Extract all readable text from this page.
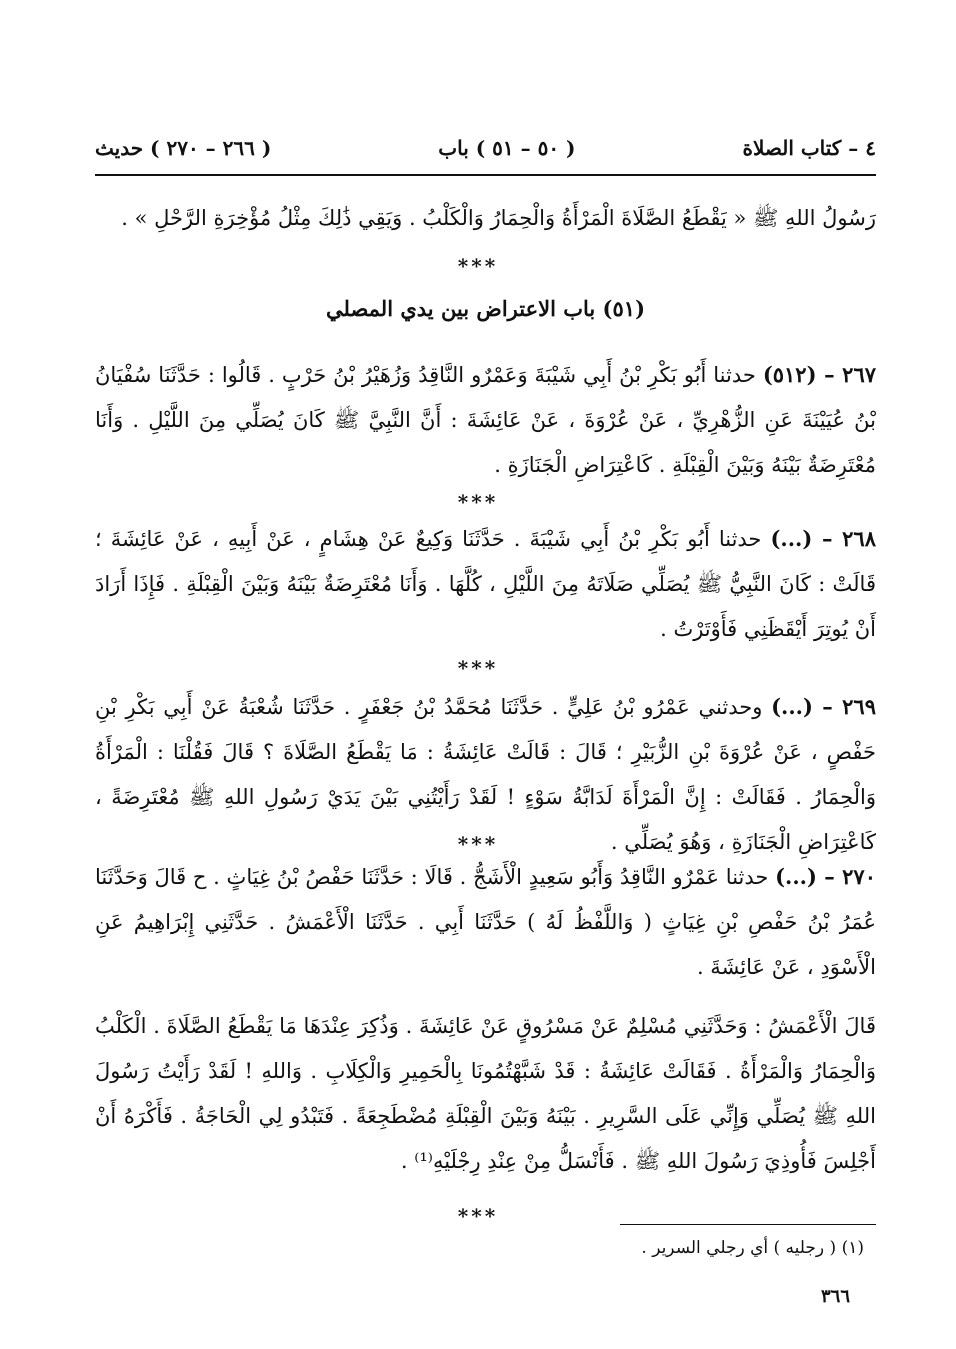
٤ – كتاب الصلاة
( ٥٠ – ٥١ ) باب
( ٢٦٦ – ٢٧٠ ) حديث
رَسُولُ اللهِ ﷺ « يَقْطَعُ الصَّلَاةَ الْمَرْأَةُ وَالْحِمَارُ وَالْكَلْبُ . وَيَقِي ذَٰلِكَ مِثْلُ مُؤْخِرَةِ الرَّحْلِ » .
***
(٥١) باب الاعتراض بين يدي المصلي
٢٦٧ – (٥١٢) حدثنا أَبُو بَكْرِ بْنُ أَبِي شَيْبَةَ وَعَمْرٌو النَّاقِدُ وَزُهَيْرُ بْنُ حَرْبٍ . قَالُوا : حَدَّثَنَا سُفْيَانُ بْنُ عُيَيْنَةَ عَنِ الزُّهْرِيِّ ، عَنْ عُرْوَةَ ، عَنْ عَائِشَةَ : أَنَّ النَّبِيَّ ﷺ كَانَ يُصَلِّي مِنَ اللَّيْلِ . وَأَنَا مُعْتَرِضَةٌ بَيْنَهُ وَبَيْنَ الْقِبْلَةِ . كَاعْتِرَاضِ الْجَنَازَةِ .
***
٢٦٨ – (...) حدثنا أَبُو بَكْرِ بْنُ أَبِي شَيْبَةَ . حَدَّثَنَا وَكِيعٌ عَنْ هِشَامٍ ، عَنْ أَبِيهِ ، عَنْ عَائِشَةَ ؛ قَالَتْ : كَانَ النَّبِيُّ ﷺ يُصَلِّي صَلَاتَهُ مِنَ اللَّيْلِ ، كُلَّهَا . وَأَنَا مُعْتَرِضَةٌ بَيْنَهُ وَبَيْنَ الْقِبْلَةِ . فَإِذَا أَرَادَ أَنْ يُوتِرَ أَيْقَظَنِي فَأَوْتَرْتُ .
***
٢٦٩ – (...) وحدثني عَمْرُو بْنُ عَلِيٍّ . حَدَّثَنَا مُحَمَّدُ بْنُ جَعْفَرٍ . حَدَّثَنَا شُعْبَةُ عَنْ أَبِي بَكْرِ بْنِ حَفْصٍ ، عَنْ عُرْوَةَ بْنِ الزُّبَيْرِ ؛ قَالَ : قَالَتْ عَائِشَةُ : مَا يَقْطَعُ الصَّلَاةَ ؟ قَالَ فَقُلْنَا : الْمَرْأَةُ وَالْحِمَارُ . فَقَالَتْ : إِنَّ الْمَرْأَةَ لَدَابَّةُ سَوْءٍ ! لَقَدْ رَأَيْتُنِي بَيْنَ يَدَيْ رَسُولِ اللهِ ﷺ مُعْتَرِضَةً ، كَاعْتِرَاضِ الْجَنَازَةِ ، وَهُوَ يُصَلِّي .
***
٢٧٠ – (...) حدثنا عَمْرٌو النَّاقِدُ وَأَبُو سَعِيدٍ الْأَشَجُّ . قَالَا : حَدَّثَنَا حَفْصُ بْنُ غِيَاثٍ . ح قَالَ وَحَدَّثَنَا عُمَرُ بْنُ حَفْصِ بْنِ غِيَاثٍ ( وَاللَّفْظُ لَهُ ) حَدَّثَنَا أَبِي . حَدَّثَنَا الْأَعْمَشُ . حَدَّثَنِي إِبْرَاهِيمُ عَنِ الْأَسْوَدِ ، عَنْ عَائِشَةَ .
قَالَ الْأَعْمَشُ : وَحَدَّثَنِي مُسْلِمٌ عَنْ مَسْرُوقٍ عَنْ عَائِشَةَ . وَذُكِرَ عِنْدَهَا مَا يَقْطَعُ الصَّلَاةَ . الْكَلْبُ وَالْحِمَارُ وَالْمَرْأَةُ . فَقَالَتْ عَائِشَةُ : قَدْ شَبَّهْتُمُونَا بِالْحَمِيرِ وَالْكِلَابِ . وَاللهِ ! لَقَدْ رَأَيْتُ رَسُولَ اللهِ ﷺ يُصَلِّي وَإِنِّي عَلَى السَّرِيرِ . بَيْنَهُ وَبَيْنَ الْقِبْلَةِ مُضْطَجِعَةً . فَتَبْدُو لِي الْحَاجَةُ . فَأَكْرَهُ أَنْ أَجْلِسَ فَأُوذِيَ رَسُولَ اللهِ ﷺ . فَأَنْسَلُّ مِنْ عِنْدِ رِجْلَيْهِ⁽¹⁾ .
***
(١) ( رجليه ) أي رجلي السرير .
٣٦٦
